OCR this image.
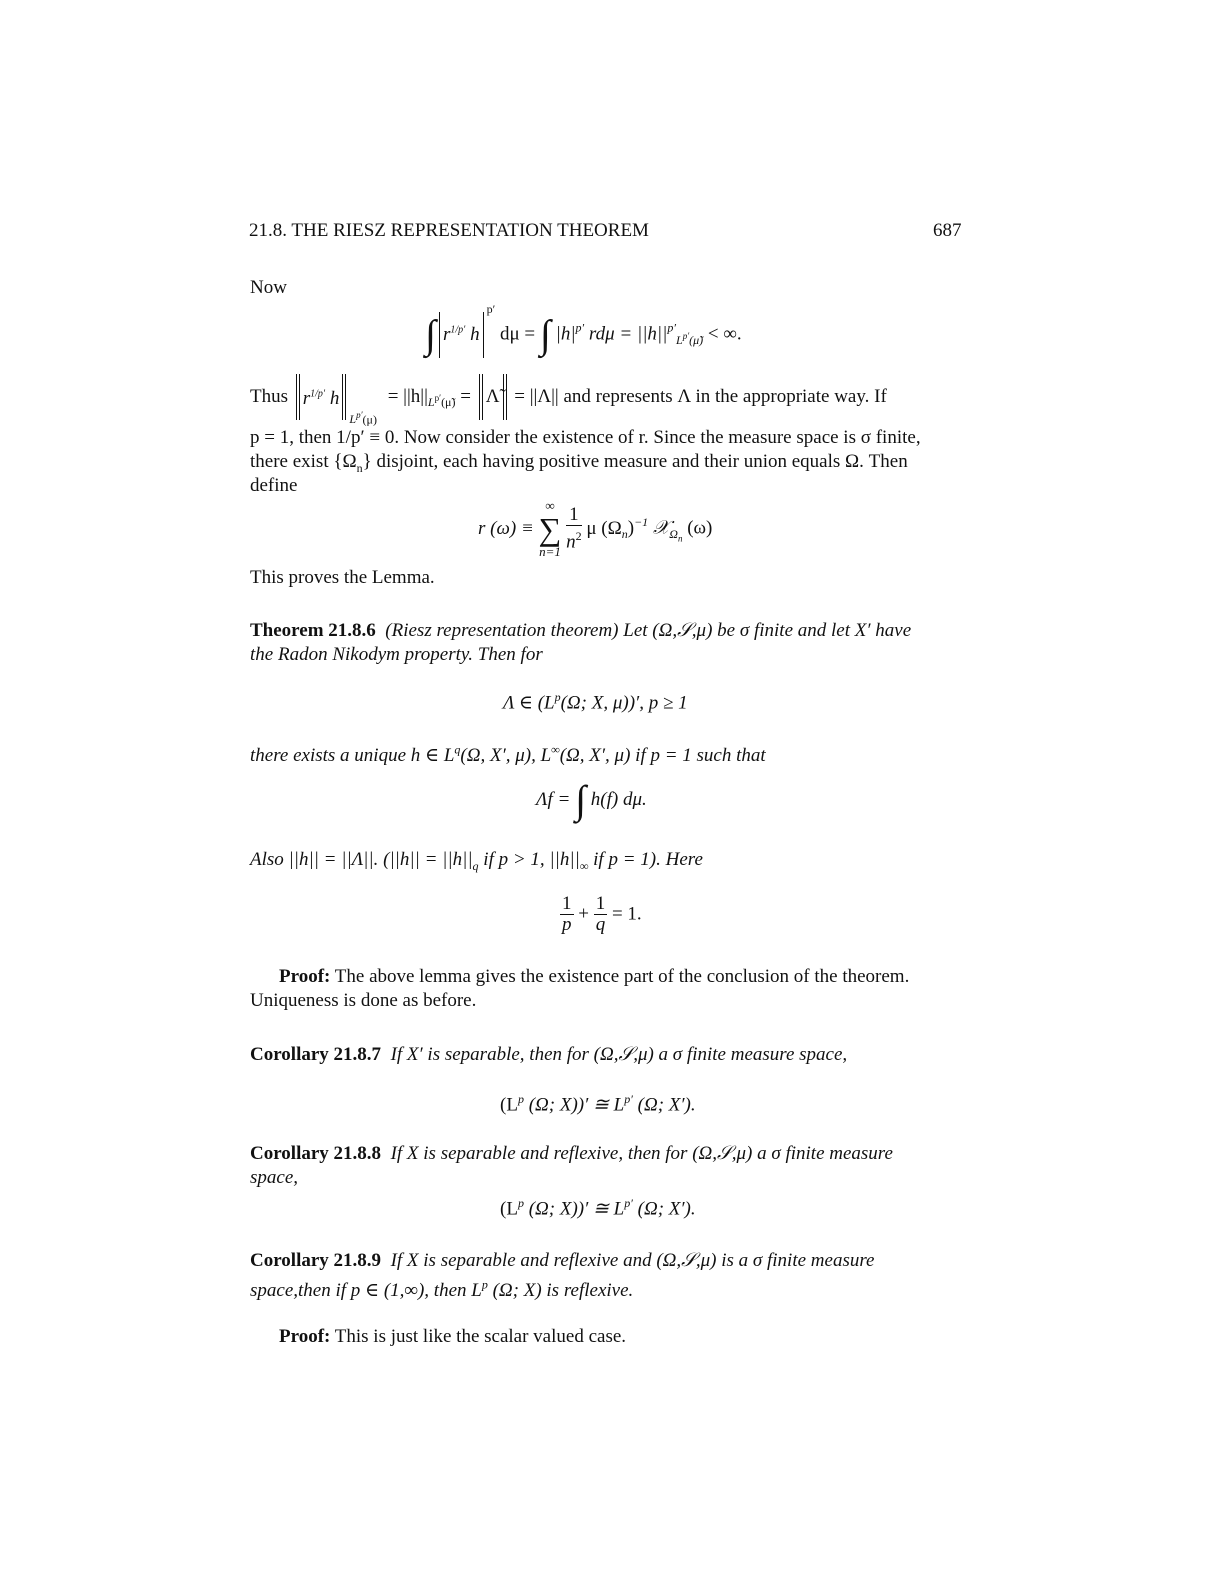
21.8. THE RIESZ REPRESENTATION THEOREM	687
Now
∫ $r^{1/p'}$ $h^{p'}$ dμ = ∫ $|h|^{p'}$ $rd\mu = ||h||^{p'}_{L^{p'}(\mũ)}$ < ∞.
Thus $r^{1/p'}$ $h_{L^{p'}(\mu)} = ||h||_{L^{p'}(\mũ)}$ = Λ̃ = ||Λ|| and represents Λ in the appropriate way. If
p = 1, then 1/p′ ≡ 0. Now consider the existence of r. Since the measure space is σ finite,
there exist $\{\Omega_n\}$ disjoint, each having positive measure and their union equals Ω. Then
define
r (ω) ≡
∞
∑
n=1
$\frac{1}{n^2}$ μ $(\Omega_n)^{-1}$ 𝒳$_{\Omega_n}$ (ω)
This proves the Lemma.
Theorem 21.8.6 (Riesz representation theorem) Let (Ω,𝒮,μ) be σ finite and let X′ have
the Radon Nikodym property. Then for
Λ ∈ ($L^p(\Omega$; X, μ))′, p ≥ 1
there exists a unique h ∈ $L^q(\Omega$, X′, μ), L∞(Ω, X′, μ) if p = 1 such that
Λf = ∫ h(f) dμ.
Also ||h|| = ||Λ||. ($||h|| = ||h||_q$ if p > 1, $||h||_\infty$ if p = 1). Here
$\frac{1}{p} + \frac{1}{q} = 1$.
Proof: The above lemma gives the existence part of the conclusion of the theorem.
Uniqueness is done as before.
Corollary 21.8.7 If X′ is separable, then for (Ω,𝒮,μ) a σ finite measure space,
($L^p$ (Ω; X))′ ≅ $L^{p'}$ (Ω; X′).
Corollary 21.8.8 If X is separable and reflexive, then for (Ω,𝒮,μ) a σ finite measure
space,
($L^p$ (Ω; X))′ ≅ $L^{p'}$ (Ω; X′).
Corollary 21.8.9 If X is separable and reflexive and (Ω,𝒮,μ) is a σ finite measure
space,then if p ∈ (1,∞), then $L^p$ (Ω; X) is reflexive.
Proof: This is just like the scalar valued case.
